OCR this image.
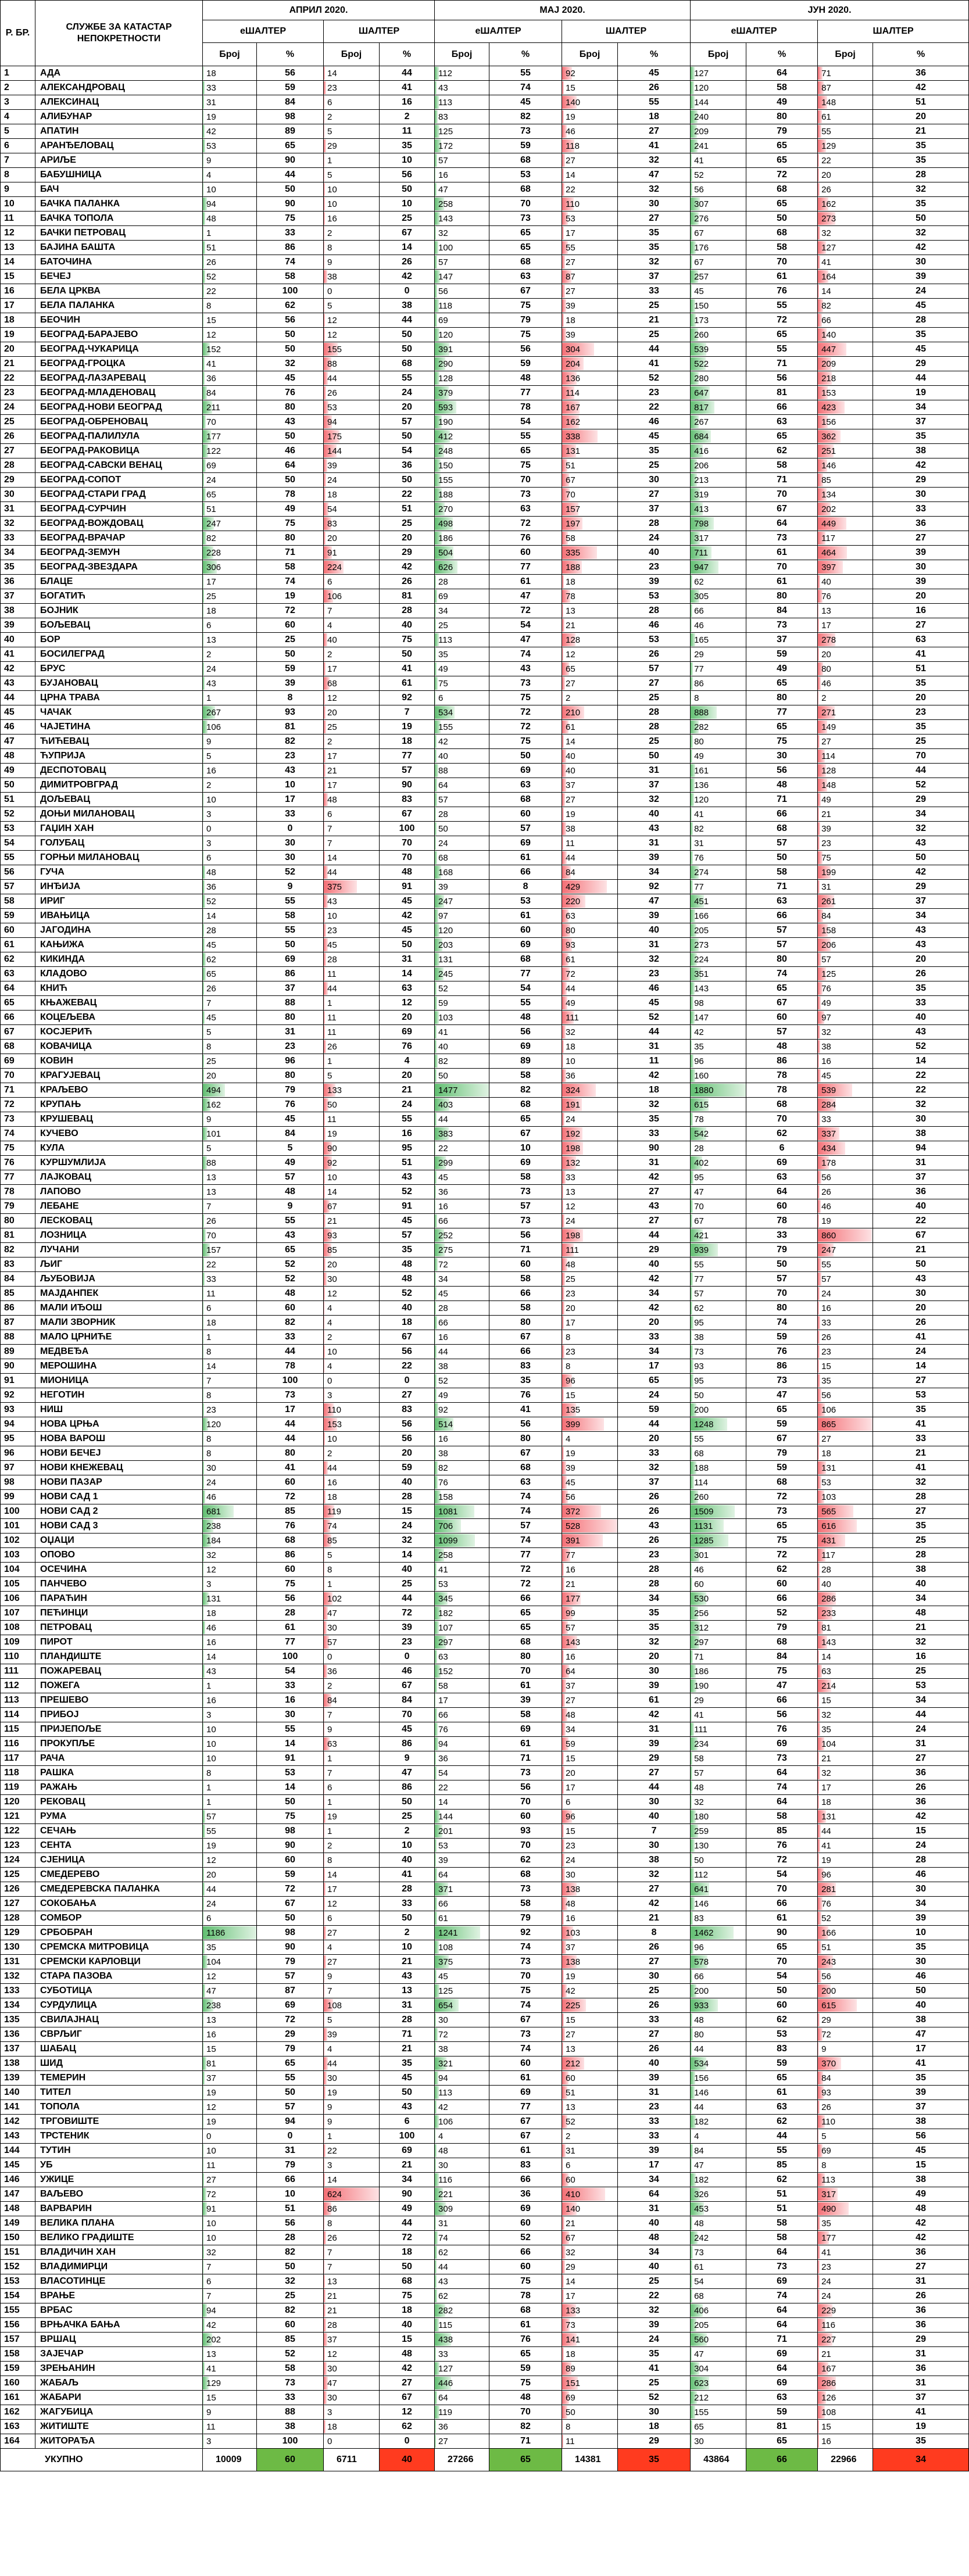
Р. БР.	СЛУЖБЕ ЗА КАТАСТАР НЕПОКРЕТНОСТИ	АПРИЛ 2020.				МАЈ 2020.				ЈУН 2020.			
		еШАЛТЕР		ШАЛТЕР		еШАЛТЕР		ШАЛТЕР		еШАЛТЕР		ШАЛТЕР	
		Број	%	Број	%	Број	%	Број	%	Број	%	Број	%
1	АДА	18	56	14	44	112	55	92	45	127	64	71	36
2	АЛЕКСАНДРОВАЦ	33	59	23	41	43	74	15	26	120	58	87	42
3	АЛЕКСИНАЦ	31	84	6	16	113	45	140	55	144	49	148	51
4	АЛИБУНАР	19	98	2	2	83	82	19	18	240	80	61	20
5	АПАТИН	42	89	5	11	125	73	46	27	209	79	55	21
6	АРАНЂЕЛОВАЦ	53	65	29	35	172	59	118	41	241	65	129	35
7	АРИЉЕ	9	90	1	10	57	68	27	32	41	65	22	35
8	БАБУШНИЦА	4	44	5	56	16	53	14	47	52	72	20	28
9	БАЧ	10	50	10	50	47	68	22	32	56	68	26	32
10	БАЧКА ПАЛАНКА	94	90	10	10	258	70	110	30	307	65	162	35
11	БАЧКА ТОПОЛА	48	75	16	25	143	73	53	27	276	50	273	50
12	БАЧКИ ПЕТРОВАЦ	1	33	2	67	32	65	17	35	67	68	32	32
13	БАЈИНА БАШТА	51	86	8	14	100	65	55	35	176	58	127	42
14	БАТОЧИНА	26	74	9	26	57	68	27	32	67	70	41	30
15	БЕЧЕЈ	52	58	38	42	147	63	87	37	257	61	164	39
16	БЕЛА ЦРКВА	22	100	0	0	56	67	27	33	45	76	14	24
17	БЕЛА ПАЛАНКА	8	62	5	38	118	75	39	25	150	55	82	45
18	БЕОЧИН	15	56	12	44	69	79	18	21	173	72	66	28
19	БЕОГРАД-БАРАЈЕВО	12	50	12	50	120	75	39	25	260	65	140	35
20	БЕОГРАД-ЧУКАРИЦА	152	50	155	50	391	56	304	44	539	55	447	45
21	БЕОГРАД-ГРОЦКА	41	32	88	68	290	59	204	41	522	71	209	29
22	БЕОГРАД-ЛАЗАРЕВАЦ	36	45	44	55	128	48	136	52	280	56	218	44
23	БЕОГРАД-МЛАДЕНОВАЦ	84	76	26	24	379	77	114	23	647	81	153	19
24	БЕОГРАД-НОВИ БЕОГРАД	211	80	53	20	593	78	167	22	817	66	423	34
25	БЕОГРАД-ОБРЕНОВАЦ	70	43	94	57	190	54	162	46	267	63	156	37
26	БЕОГРАД-ПАЛИЛУЛА	177	50	175	50	412	55	338	45	684	65	362	35
27	БЕОГРАД-РАКОВИЦА	122	46	144	54	248	65	131	35	416	62	251	38
28	БЕОГРАД-САВСКИ ВЕНАЦ	69	64	39	36	150	75	51	25	206	58	146	42
29	БЕОГРАД-СОПОТ	24	50	24	50	155	70	67	30	213	71	85	29
30	БЕОГРАД-СТАРИ ГРАД	65	78	18	22	188	73	70	27	319	70	134	30
31	БЕОГРАД-СУРЧИН	51	49	54	51	270	63	157	37	413	67	202	33
32	БЕОГРАД-ВОЖДОВАЦ	247	75	83	25	498	72	197	28	798	64	449	36
33	БЕОГРАД-ВРАЧАР	82	80	20	20	186	76	58	24	317	73	117	27
34	БЕОГРАД-ЗЕМУН	228	71	91	29	504	60	335	40	711	61	464	39
35	БЕОГРАД-ЗВЕЗДАРА	306	58	224	42	626	77	188	23	947	70	397	30
36	БЛАЦЕ	17	74	6	26	28	61	18	39	62	61	40	39
37	БОГАТИЋ	25	19	106	81	69	47	78	53	305	80	76	20
38	БОЈНИК	18	72	7	28	34	72	13	28	66	84	13	16
39	БОЉЕВАЦ	6	60	4	40	25	54	21	46	46	73	17	27
40	БОР	13	25	40	75	113	47	128	53	165	37	278	63
41	БОСИЛЕГРАД	2	50	2	50	35	74	12	26	29	59	20	41
42	БРУС	24	59	17	41	49	43	65	57	77	49	80	51
43	БУЈАНОВАЦ	43	39	68	61	75	73	27	27	86	65	46	35
44	ЦРНА ТРАВА	1	8	12	92	6	75	2	25	8	80	2	20
45	ЧАЧАК	267	93	20	7	534	72	210	28	888	77	271	23
46	ЧАЈЕТИНА	106	81	25	19	155	72	61	28	282	65	149	35
47	ЋИЋЕВАЦ	9	82	2	18	42	75	14	25	80	75	27	25
48	ЋУПРИЈА	5	23	17	77	40	50	40	50	49	30	114	70
49	ДЕСПОТОВАЦ	16	43	21	57	88	69	40	31	161	56	128	44
50	ДИМИТРОВГРАД	2	10	17	90	64	63	37	37	136	48	148	52
51	ДОЉЕВАЦ	10	17	48	83	57	68	27	32	120	71	49	29
52	ДОЊИ МИЛАНОВАЦ	3	33	6	67	28	60	19	40	41	66	21	34
53	ГАЏИН ХАН	0	0	7	100	50	57	38	43	82	68	39	32
54	ГОЛУБАЦ	3	30	7	70	24	69	11	31	31	57	23	43
55	ГОРЊИ МИЛАНОВАЦ	6	30	14	70	68	61	44	39	76	50	75	50
56	ГУЧА	48	52	44	48	168	66	84	34	274	58	199	42
57	ИНЂИЈА	36	9	375	91	39	8	429	92	77	71	31	29
58	ИРИГ	52	55	43	45	247	53	220	47	451	63	261	37
59	ИВАЊИЦА	14	58	10	42	97	61	63	39	166	66	84	34
60	ЈАГОДИНА	28	55	23	45	120	60	80	40	205	57	158	43
61	КАЊИЖА	45	50	45	50	203	69	93	31	273	57	206	43
62	КИКИНДА	62	69	28	31	131	68	61	32	224	80	57	20
63	КЛАДОВО	65	86	11	14	245	77	72	23	351	74	125	26
64	КНИЋ	26	37	44	63	52	54	44	46	143	65	76	35
65	КЊАЖЕВАЦ	7	88	1	12	59	55	49	45	98	67	49	33
66	КОЦЕЉЕВА	45	80	11	20	103	48	111	52	147	60	97	40
67	КОСЈЕРИЋ	5	31	11	69	41	56	32	44	42	57	32	43
68	КОВАЧИЦА	8	23	26	76	40	69	18	31	35	48	38	52
69	КОВИН	25	96	1	4	82	89	10	11	96	86	16	14
70	КРАГУЈЕВАЦ	20	80	5	20	50	58	36	42	160	78	45	22
71	КРАЉЕВО	494	79	133	21	1477	82	324	18	1880	78	539	22
72	КРУПАЊ	162	76	50	24	403	68	191	32	615	68	284	32
73	КРУШЕВАЦ	9	45	11	55	44	65	24	35	78	70	33	30
74	КУЧЕВО	101	84	19	16	383	67	192	33	542	62	337	38
75	КУЛА	5	5	90	95	22	10	198	90	28	6	434	94
76	КУРШУМЛИЈА	88	49	92	51	299	69	132	31	402	69	178	31
77	ЛАЈКОВАЦ	13	57	10	43	45	58	33	42	95	63	56	37
78	ЛАПОВО	13	48	14	52	36	73	13	27	47	64	26	36
79	ЛЕБАНЕ	7	9	67	91	16	57	12	43	70	60	46	40
80	ЛЕСКОВАЦ	26	55	21	45	66	73	24	27	67	78	19	22
81	ЛОЗНИЦА	70	43	93	57	252	56	198	44	421	33	860	67
82	ЛУЧАНИ	157	65	85	35	275	71	111	29	939	79	247	21
83	ЉИГ	22	52	20	48	72	60	48	40	55	50	55	50
84	ЉУБОВИЈА	33	52	30	48	34	58	25	42	77	57	57	43
85	МАЈДАНПЕК	11	48	12	52	45	66	23	34	57	70	24	30
86	МАЛИ ИЂОШ	6	60	4	40	28	58	20	42	62	80	16	20
87	МАЛИ ЗВОРНИК	18	82	4	18	66	80	17	20	95	74	33	26
88	МАЛО ЦРНИЋЕ	1	33	2	67	16	67	8	33	38	59	26	41
89	МЕДВЕЂА	8	44	10	56	44	66	23	34	73	76	23	24
90	МЕРОШИНА	14	78	4	22	38	83	8	17	93	86	15	14
91	МИОНИЦА	7	100	0	0	52	35	96	65	95	73	35	27
92	НЕГОТИН	8	73	3	27	49	76	15	24	50	47	56	53
93	НИШ	23	17	110	83	92	41	135	59	200	65	106	35
94	НОВА ЦРЊА	120	44	153	56	514	56	399	44	1248	59	865	41
95	НОВА ВАРОШ	8	44	10	56	16	80	4	20	55	67	27	33
96	НОВИ БЕЧЕЈ	8	80	2	20	38	67	19	33	68	79	18	21
97	НОВИ КНЕЖЕВАЦ	30	41	44	59	82	68	39	32	188	59	131	41
98	НОВИ ПАЗАР	24	60	16	40	76	63	45	37	114	68	53	32
99	НОВИ САД 1	46	72	18	28	158	74	56	26	260	72	103	28
100	НОВИ САД 2	681	85	119	15	1081	74	372	26	1509	73	565	27
101	НОВИ САД 3	238	76	74	24	706	57	528	43	1131	65	616	35
102	ОЏАЦИ	184	68	85	32	1099	74	391	26	1285	75	431	25
103	ОПОВО	32	86	5	14	258	77	77	23	301	72	117	28
104	ОСЕЧИНА	12	60	8	40	41	72	16	28	46	62	28	38
105	ПАНЧЕВО	3	75	1	25	53	72	21	28	60	60	40	40
106	ПАРАЋИН	131	56	102	44	345	66	177	34	530	66	286	34
107	ПЕЋИНЦИ	18	28	47	72	182	65	99	35	256	52	233	48
108	ПЕТРОВАЦ	46	61	30	39	107	65	57	35	312	79	81	21
109	ПИРОТ	16	77	57	23	297	68	143	32	297	68	143	32
110	ПЛАНДИШТЕ	14	100	0	0	63	80	16	20	71	84	14	16
111	ПОЖАРЕВАЦ	43	54	36	46	152	70	64	30	186	75	63	25
112	ПОЖЕГА	1	33	2	67	58	61	37	39	190	47	214	53
113	ПРЕШЕВО	16	16	84	84	17	39	27	61	29	66	15	34
114	ПРИБОЈ	3	30	7	70	66	58	48	42	41	56	32	44
115	ПРИЈЕПОЉЕ	10	55	9	45	76	69	34	31	111	76	35	24
116	ПРОКУПЉЕ	10	14	63	86	94	61	59	39	234	69	104	31
117	РАЧА	10	91	1	9	36	71	15	29	58	73	21	27
118	РАШКА	8	53	7	47	54	73	20	27	57	64	32	36
119	РАЖАЊ	1	14	6	86	22	56	17	44	48	74	17	26
120	РЕКОВАЦ	1	50	1	50	14	70	6	30	32	64	18	36
121	РУМА	57	75	19	25	144	60	96	40	180	58	131	42
122	СЕЧАЊ	55	98	1	2	201	93	15	7	259	85	44	15
123	СЕНТА	19	90	2	10	53	70	23	30	130	76	41	24
124	СЈЕНИЦА	12	60	8	40	39	62	24	38	50	72	19	28
125	СМЕДЕРЕВО	20	59	14	41	64	68	30	32	112	54	96	46
126	СМЕДЕРЕВСКА ПАЛАНКА	44	72	17	28	371	73	138	27	641	70	281	30
127	СОКОБАЊА	24	67	12	33	66	58	48	42	146	66	76	34
128	СОМБОР	6	50	6	50	61	79	16	21	83	61	52	39
129	СРБОБРАН	1186	98	27	2	1241	92	103	8	1462	90	166	10
130	СРЕМСКА МИТРОВИЦА	35	90	4	10	108	74	37	26	96	65	51	35
131	СРЕМСКИ КАРЛОВЦИ	104	79	27	21	375	73	138	27	578	70	243	30
132	СТАРА ПАЗОВА	12	57	9	43	45	70	19	30	66	54	56	46
133	СУБОТИЦА	47	87	7	13	125	75	42	25	200	50	200	50
134	СУРДУЛИЦА	238	69	108	31	654	74	225	26	933	60	615	40
135	СВИЛАЈНАЦ	13	72	5	28	30	67	15	33	48	62	29	38
136	СВРЉИГ	16	29	39	71	72	73	27	27	80	53	72	47
137	ШАБАЦ	15	79	4	21	38	74	13	26	44	83	9	17
138	ШИД	81	65	44	35	321	60	212	40	534	59	370	41
139	ТЕМЕРИН	37	55	30	45	94	61	60	39	156	65	84	35
140	ТИТЕЛ	19	50	19	50	113	69	51	31	146	61	93	39
141	ТОПОЛА	12	57	9	43	42	77	13	23	44	63	26	37
142	ТРГОВИШТЕ	19	94	9	6	106	67	52	33	182	62	110	38
143	ТРСТЕНИК	0	0	1	100	4	67	2	33	4	44	5	56
144	ТУТИН	10	31	22	69	48	61	31	39	84	55	69	45
145	УБ	11	79	3	21	30	83	6	17	47	85	8	15
146	УЖИЦЕ	27	66	14	34	116	66	60	34	182	62	113	38
147	ВАЉЕВО	72	10	624	90	221	36	410	64	326	51	317	49
148	ВАРВАРИН	91	51	86	49	309	69	140	31	453	51	490	48
149	ВЕЛИКА ПЛАНА	10	56	8	44	31	60	21	40	48	58	35	42
150	ВЕЛИКО ГРАДИШТЕ	10	28	26	72	74	52	67	48	242	58	177	42
151	ВЛАДИЧИН ХАН	32	82	7	18	62	66	32	34	73	64	41	36
152	ВЛАДИМИРЦИ	7	50	7	50	44	60	29	40	61	73	23	27
153	ВЛАСОТИНЦЕ	6	32	13	68	43	75	14	25	54	69	24	31
154	ВРАЊЕ	7	25	21	75	62	78	17	22	68	74	24	26
155	ВРБАС	94	82	21	18	282	68	133	32	406	64	229	36
156	ВРЊАЧКА БАЊА	42	60	28	40	115	61	73	39	205	64	116	36
157	ВРШАЦ	202	85	37	15	438	76	141	24	560	71	227	29
158	ЗАЈЕЧАР	13	52	12	48	33	65	18	35	47	69	21	31
159	ЗРЕЊАНИН	41	58	30	42	127	59	89	41	304	64	167	36
160	ЖАБАЉ	129	73	47	27	446	75	151	25	623	69	286	31
161	ЖАБАРИ	15	33	30	67	64	48	69	52	212	63	126	37
162	ЖАГУБИЦА	9	88	3	12	119	70	50	30	155	59	108	41
163	ЖИТИШТЕ	11	38	18	62	36	82	8	18	65	81	15	19
164	ЖИТОРАЂА	3	100	0	0	27	71	11	29	30	65	16	35
УКУПНО		10009	60	6711	40	27266	65	14381	35	43864	66	22966	34
